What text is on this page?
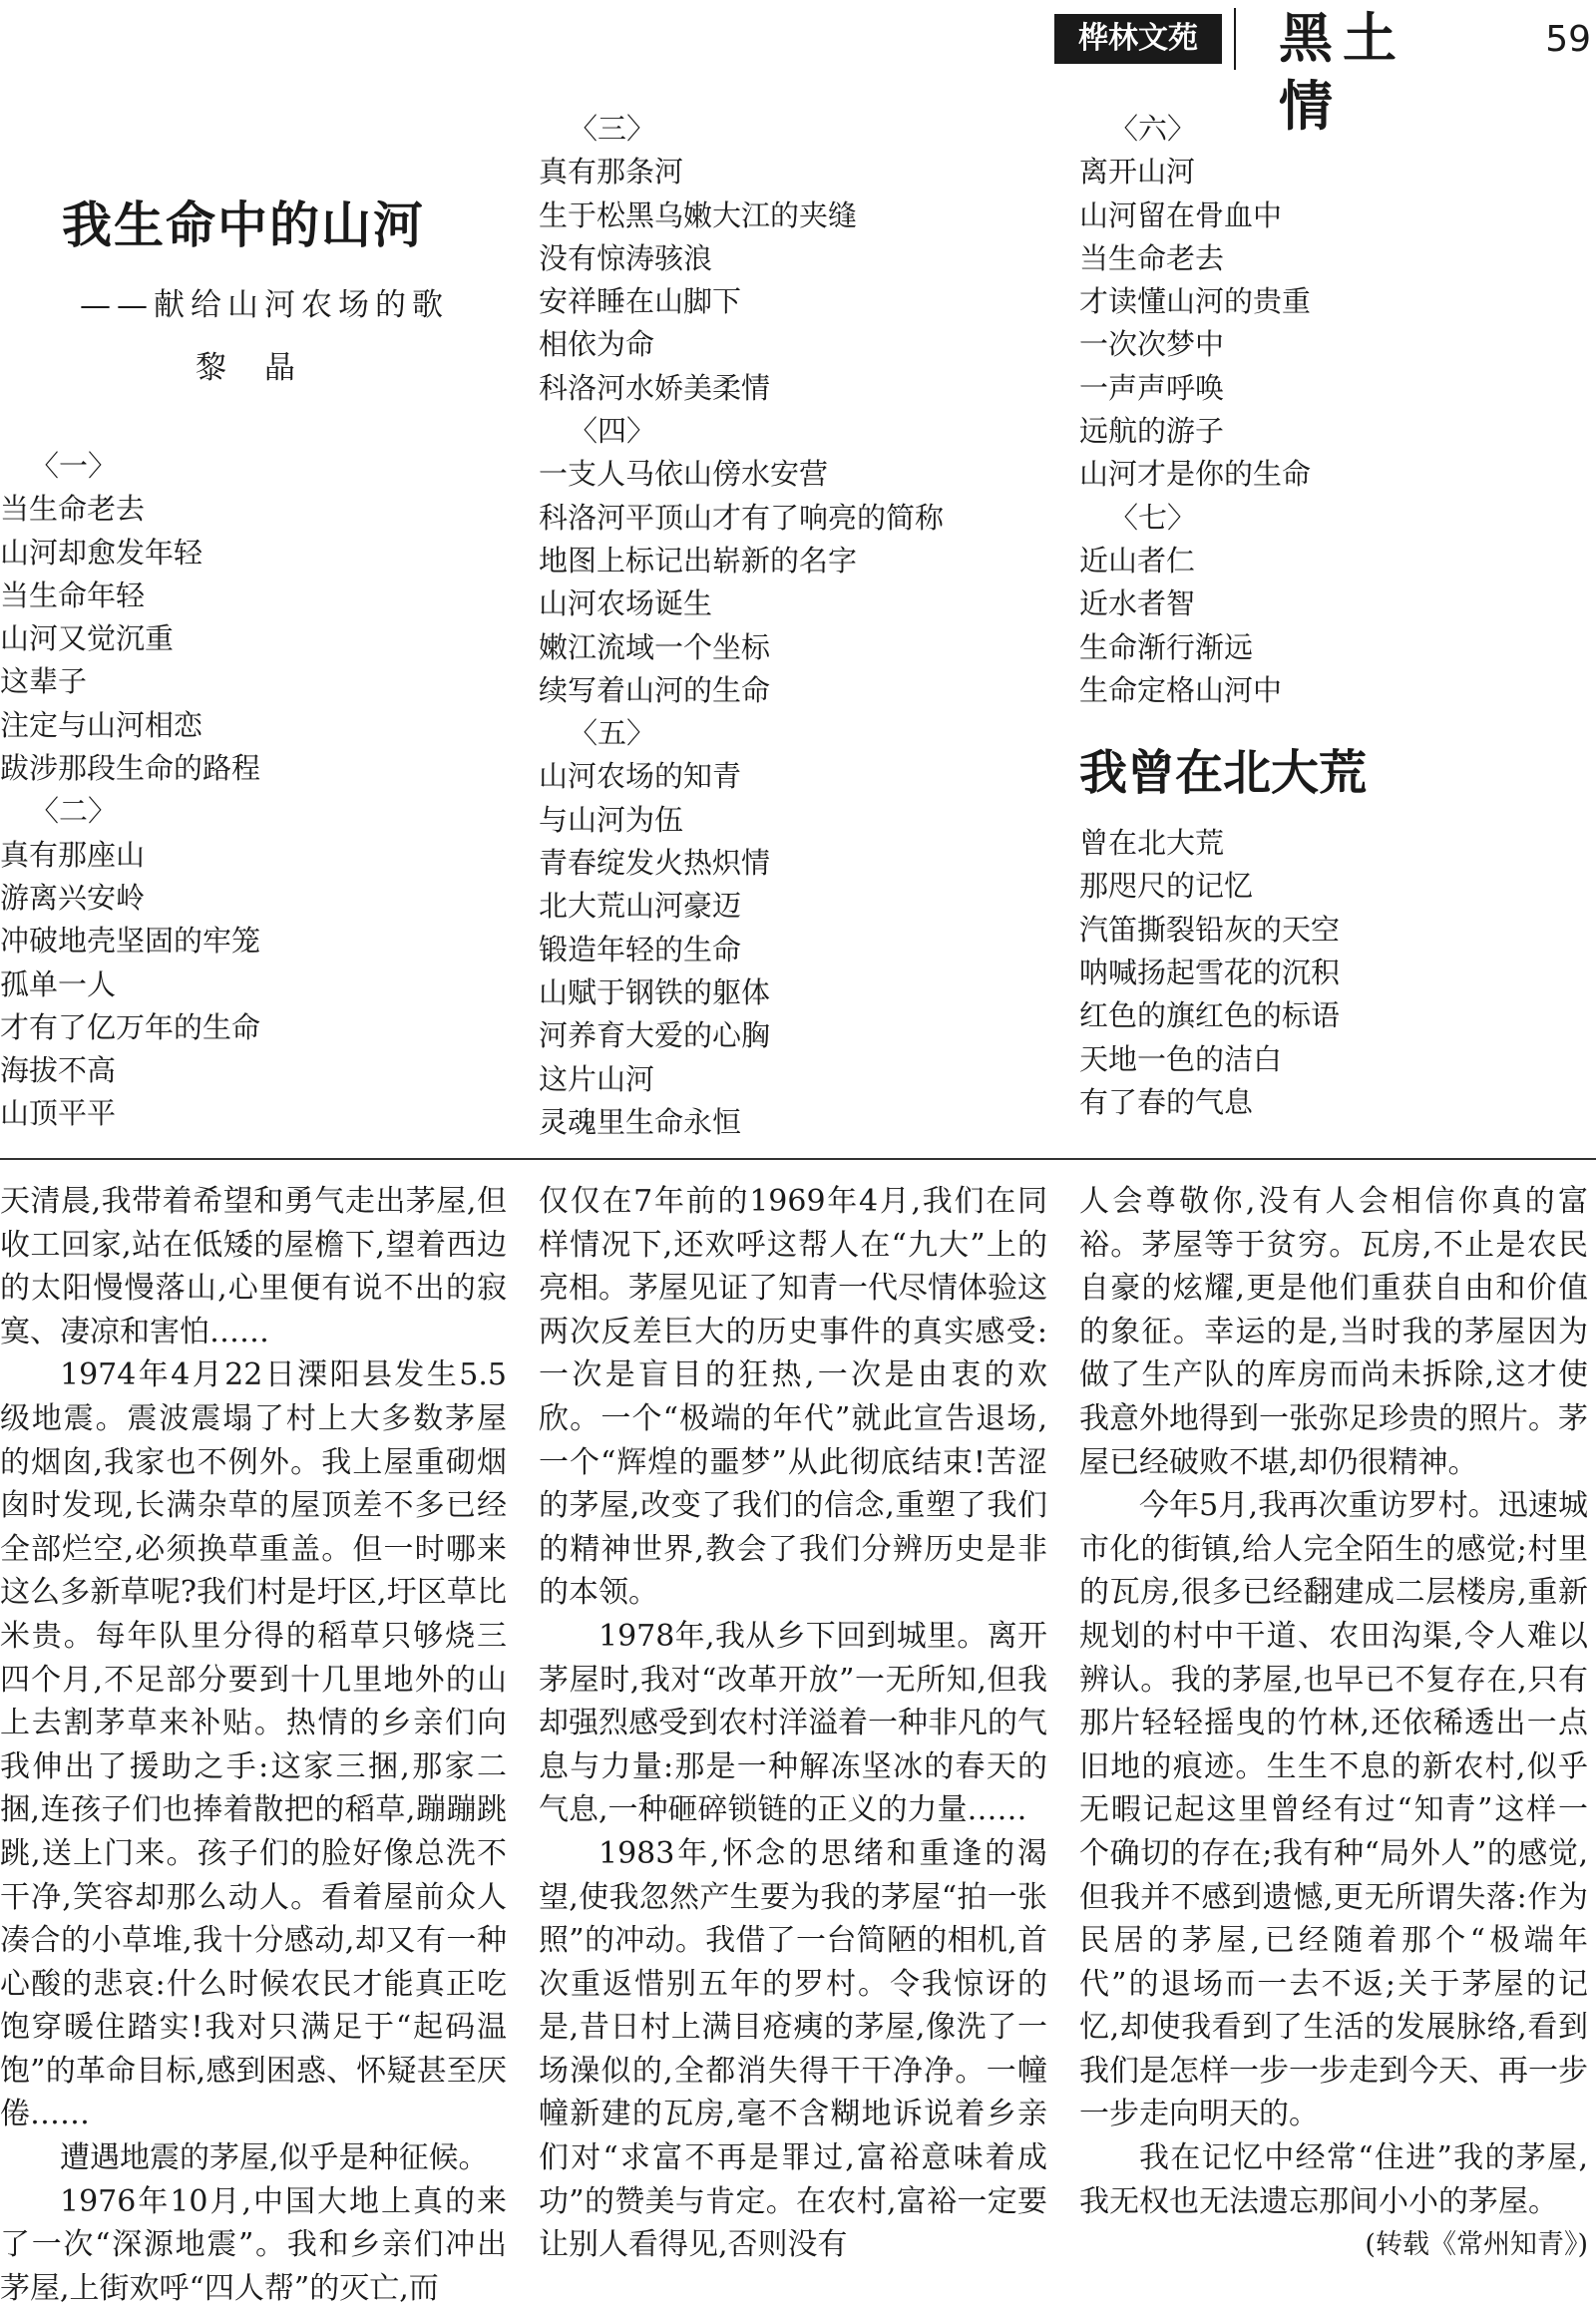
桦林文苑	黑土情
59
我生命中的山河
——献给山河农场的歌
黎晶
〈一〉
当生命老去
山河却愈发年轻
当生命年轻
山河又觉沉重
这辈子
注定与山河相恋
跋涉那段生命的路程
〈二〉
真有那座山
游离兴安岭
冲破地壳坚固的牢笼
孤单一人
才有了亿万年的生命
海拔不高
山顶平平
〈三〉
真有那条河
生于松黑乌嫩大江的夹缝
没有惊涛骇浪
安祥睡在山脚下
相依为命
科洛河水娇美柔情
〈四〉
一支人马依山傍水安营
科洛河平顶山才有了响亮的简称
地图上标记出崭新的名字
山河农场诞生
嫩江流域一个坐标
续写着山河的生命
〈五〉
山河农场的知青
与山河为伍
青春绽发火热炽情
北大荒山河豪迈
锻造年轻的生命
山赋于钢铁的躯体
河养育大爱的心胸
这片山河
灵魂里生命永恒
〈六〉
离开山河
山河留在骨血中
当生命老去
才读懂山河的贵重
一次次梦中
一声声呼唤
远航的游子
山河才是你的生命
〈七〉
近山者仁
近水者智
生命渐行渐远
生命定格山河中
我曾在北大荒
曾在北大荒
那咫尺的记忆
汽笛撕裂铅灰的天空
呐喊扬起雪花的沉积
红色的旗红色的标语
天地一色的洁白
有了春的气息

天清晨,我带着希望和勇气走出茅屋,但收工回家,站在低矮的屋檐下,望着西边的太阳慢慢落山,心里便有说不出的寂寞、凄凉和害怕……

1974年4月22日溧阳县发生5.5级地震。震波震塌了村上大多数茅屋的烟囱,我家也不例外。我上屋重砌烟囱时发现,长满杂草的屋顶差不多已经全部烂空,必须换草重盖。但一时哪来这么多新草呢?我们村是圩区,圩区草比米贵。每年队里分得的稻草只够烧三四个月,不足部分要到十几里地外的山上去割茅草来补贴。热情的乡亲们向我伸出了援助之手:这家三捆,那家二捆,连孩子们也捧着散把的稻草,蹦蹦跳跳,送上门来。孩子们的脸好像总洗不干净,笑容却那么动人。看着屋前众人凑合的小草堆,我十分感动,却又有一种心酸的悲哀:什么时候农民才能真正吃饱穿暖住踏实!我对只满足于“起码温饱”的革命目标,感到困惑、怀疑甚至厌倦……

遭遇地震的茅屋,似乎是种征候。

1976年10月,中国大地上真的来了一次“深源地震”。我和乡亲们冲出茅屋,上街欢呼“四人帮”的灭亡,而

仅仅在7年前的1969年4月,我们在同样情况下,还欢呼这帮人在“九大”上的亮相。茅屋见证了知青一代尽情体验这两次反差巨大的历史事件的真实感受:一次是盲目的狂热,一次是由衷的欢欣。一个“极端的年代”就此宣告退场,一个“辉煌的噩梦”从此彻底结束!苦涩的茅屋,改变了我们的信念,重塑了我们的精神世界,教会了我们分辨历史是非的本领。

1978年,我从乡下回到城里。离开茅屋时,我对“改革开放”一无所知,但我却强烈感受到农村洋溢着一种非凡的气息与力量:那是一种解冻坚冰的春天的气息,一种砸碎锁链的正义的力量……

1983年,怀念的思绪和重逢的渴望,使我忽然产生要为我的茅屋“拍一张照”的冲动。我借了一台简陋的相机,首次重返惜别五年的罗村。令我惊讶的是,昔日村上满目疮痍的茅屋,像洗了一场澡似的,全都消失得干干净净。一幢幢新建的瓦房,毫不含糊地诉说着乡亲们对“求富不再是罪过,富裕意味着成功”的赞美与肯定。在农村,富裕一定要让别人看得见,否则没有

人会尊敬你,没有人会相信你真的富裕。茅屋等于贫穷。瓦房,不止是农民自豪的炫耀,更是他们重获自由和价值的象征。幸运的是,当时我的茅屋因为做了生产队的库房而尚未拆除,这才使我意外地得到一张弥足珍贵的照片。茅屋已经破败不堪,却仍很精神。

今年5月,我再次重访罗村。迅速城市化的街镇,给人完全陌生的感觉;村里的瓦房,很多已经翻建成二层楼房,重新规划的村中干道、农田沟渠,令人难以辨认。我的茅屋,也早已不复存在,只有那片轻轻摇曳的竹林,还依稀透出一点旧地的痕迹。生生不息的新农村,似乎无暇记起这里曾经有过“知青”这样一个确切的存在;我有种“局外人”的感觉,但我并不感到遗憾,更无所谓失落:作为民居的茅屋,已经随着那个“极端年代”的退场而一去不返;关于茅屋的记忆,却使我看到了生活的发展脉络,看到我们是怎样一步一步走到今天、再一步一步走向明天的。

我在记忆中经常“住进”我的茅屋,我无权也无法遗忘那间小小的茅屋。

(转载《常州知青》)
